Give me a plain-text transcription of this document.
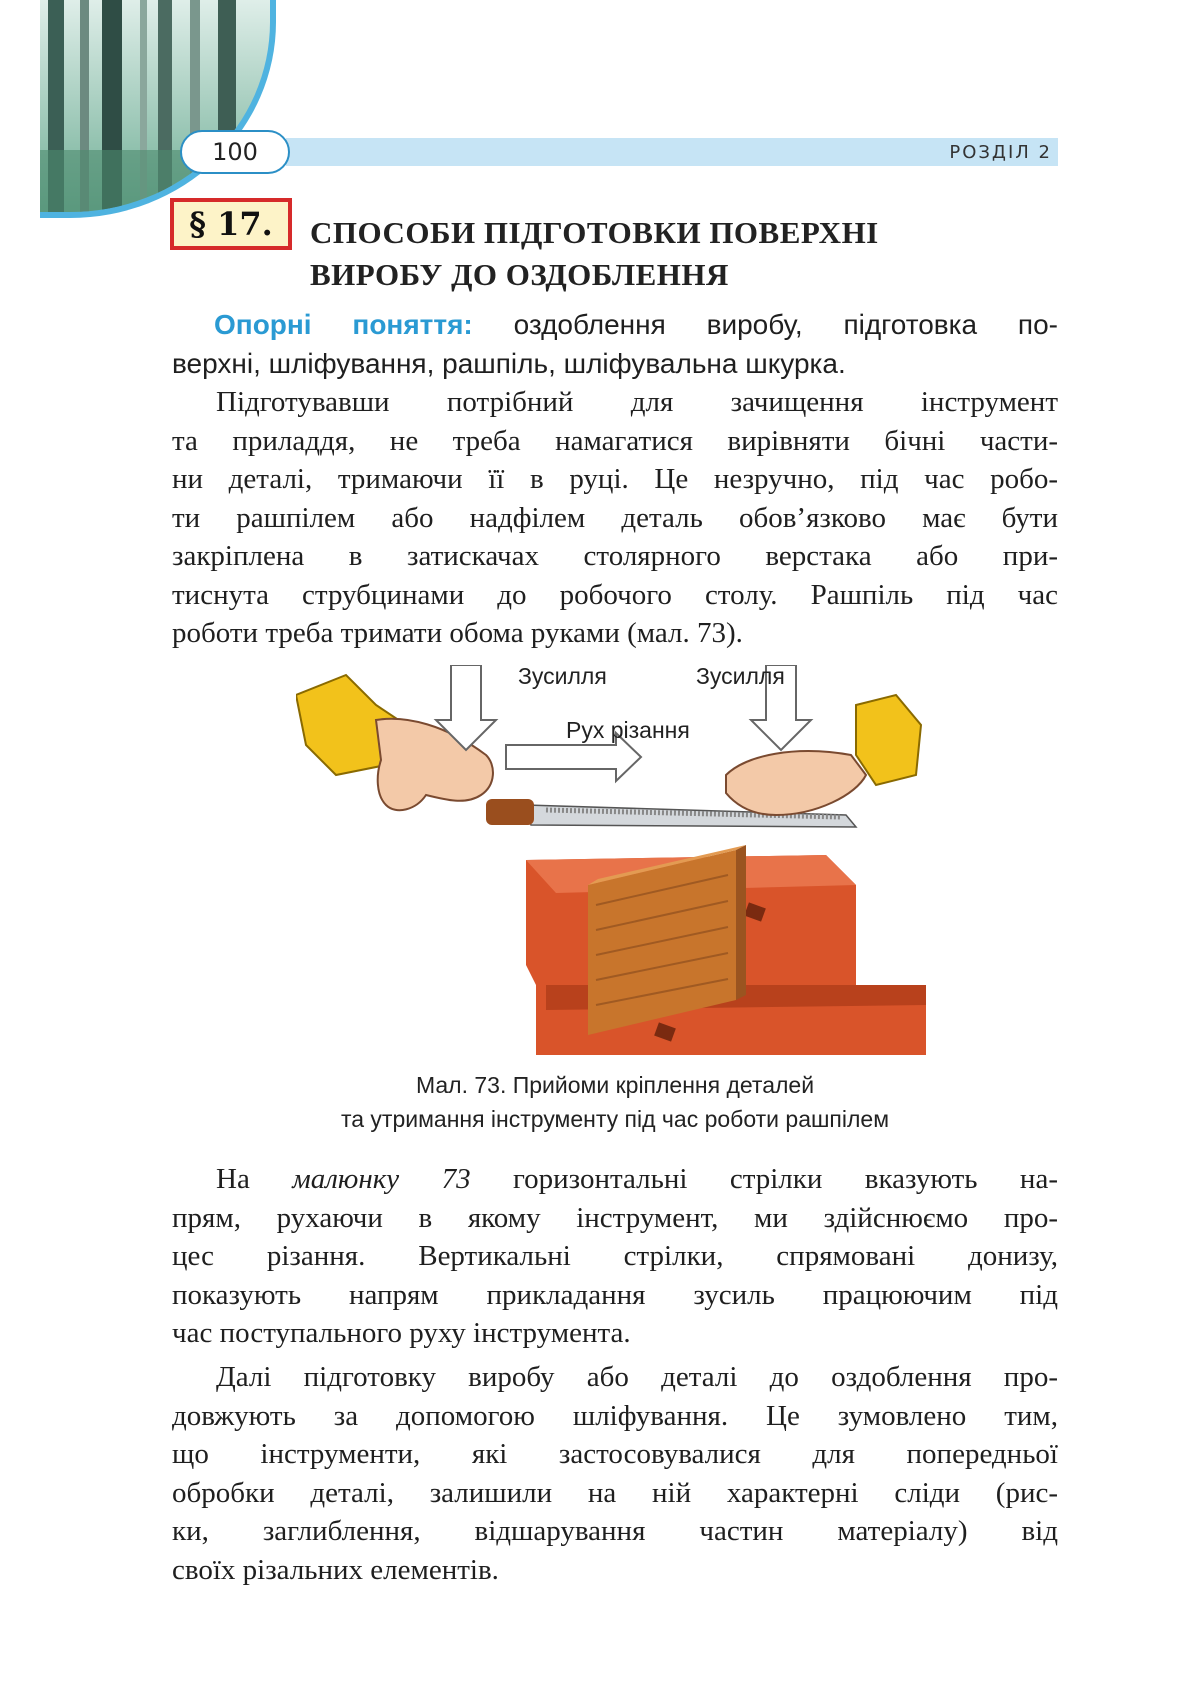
РОЗДІЛ 2
100
§ 17. СПОСОБИ ПІДГОТОВКИ ПОВЕРХНІ
ВИРОБУ ДО ОЗДОБЛЕННЯ
  Опорні поняття: оздоблення виробу, підготовка по-
верхні, шліфування, рашпіль, шліфувальна шкурка.
Підготувавши потрібний для зачищення інструмент
та приладдя, не треба намагатися вирівняти бічні части-
ни деталі, тримаючи її в руці. Це незручно, під час робо-
ти рашпілем або надфілем деталь обов’язково має бути
закріплена в затискачах столярного верстака або при-
тиснута струбцинами до робочого столу. Рашпіль під час
роботи треба тримати обома руками (мал. 73).
Зусилля	Зусилля
Рух різання
Мал. 73. Прийоми кріплення деталей
та утримання інструменту під час роботи рашпілем
На малюнку 73 горизонтальні стрілки вказують на-
прям, рухаючи в якому інструмент, ми здійснюємо про-
цес різання. Вертикальні стрілки, спрямовані донизу,
показують напрям прикладання зусиль працюючим під
час поступального руху інструмента.
Далі підготовку виробу або деталі до оздоблення про-
довжують за допомогою шліфування. Це зумовлено тим,
що інструменти, які застосовувалися для попередньої
обробки деталі, залишили на ній характерні сліди (рис-
ки, заглиблення, відшарування частин матеріалу) від
своїх різальних елементів.
